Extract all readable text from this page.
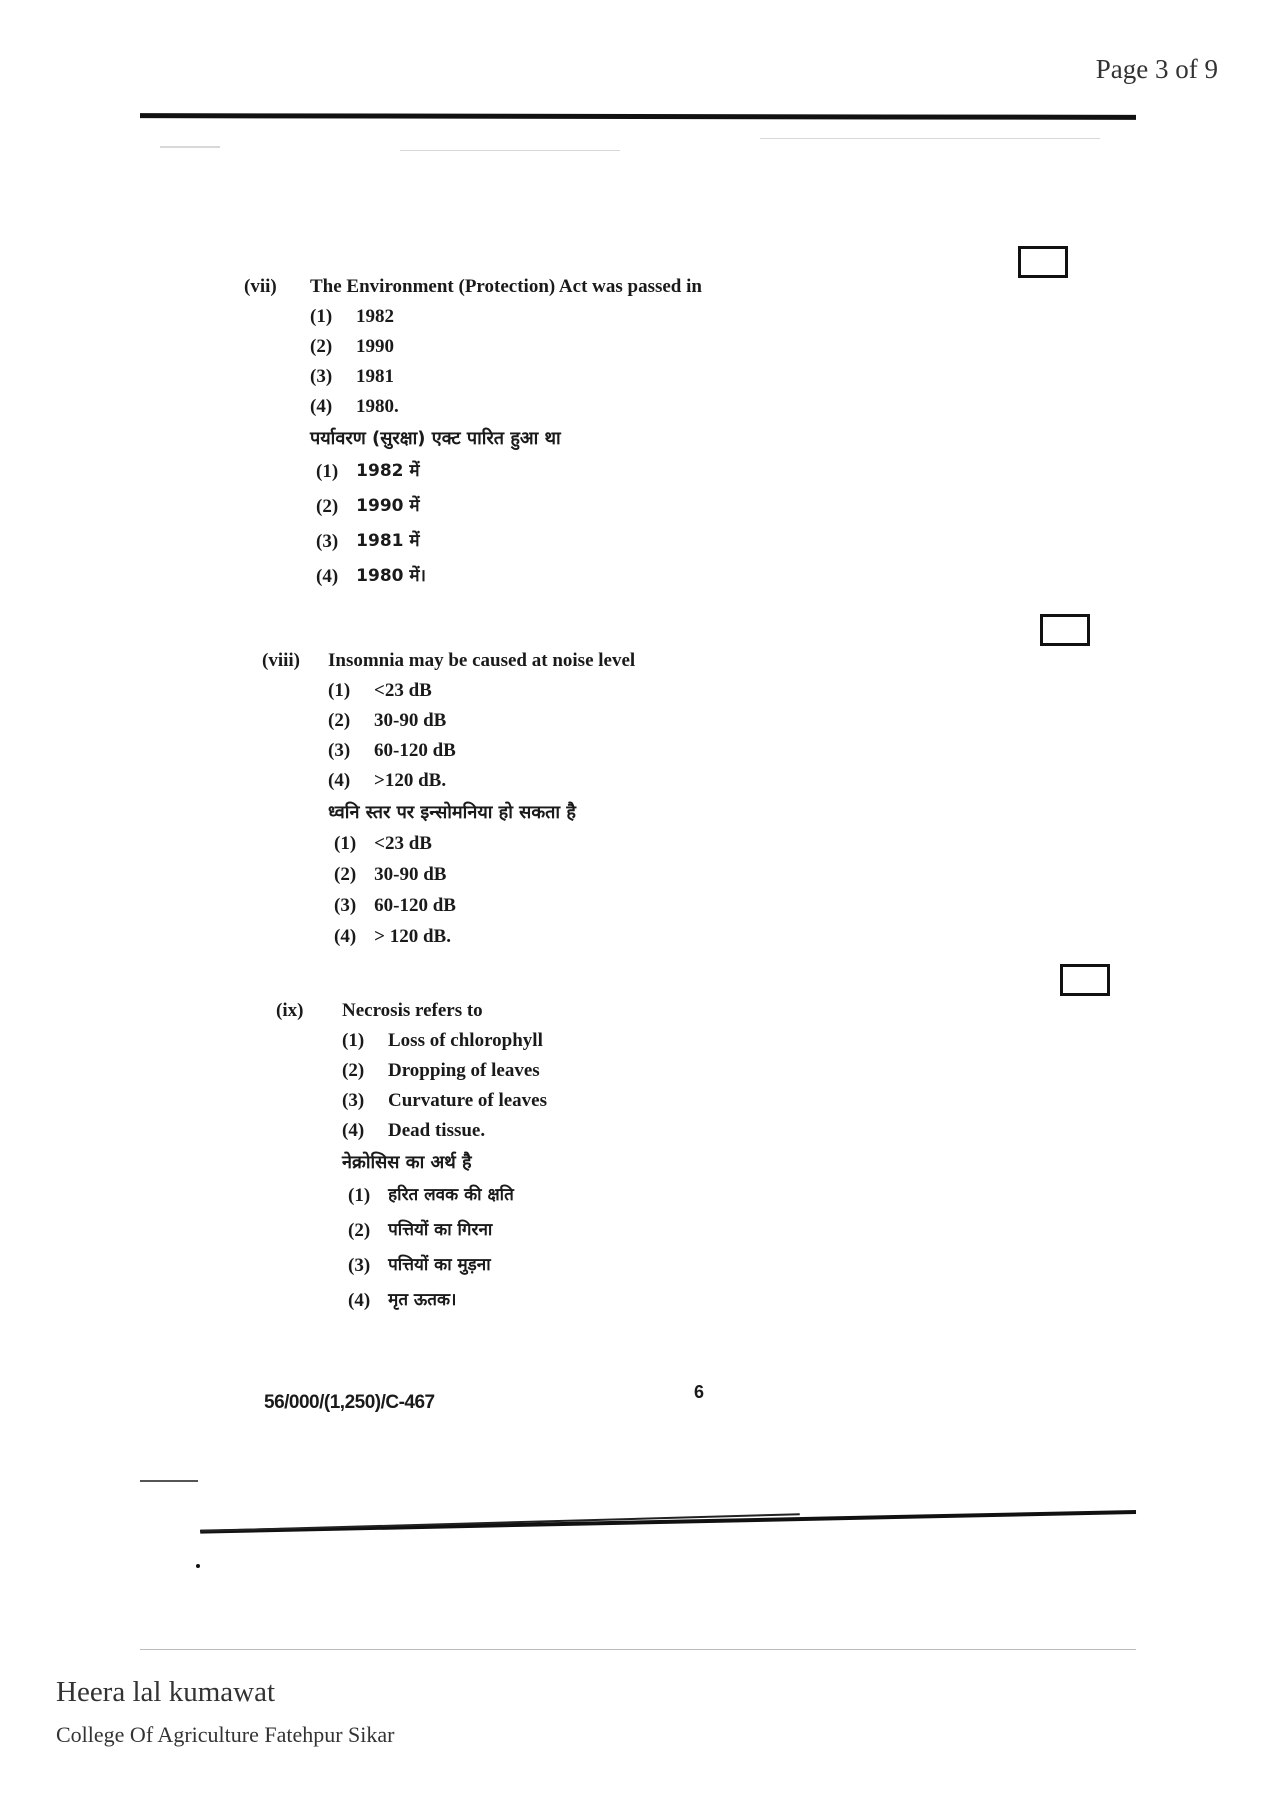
Page 3 of 9
(vii)	The Environment (Protection) Act was passed in
(1)	1982
(2)	1990
(3)	1981
(4)	1980.
पर्यावरण (सुरक्षा) एक्ट पारित हुआ था
(1) 1982 में
(2) 1990 में
(3) 1981 में
(4) 1980 में।
(viii)	Insomnia may be caused at noise level
(1)	<23 dB
(2)	30-90 dB
(3)	60-120 dB
(4)	>120 dB.
ध्वनि स्तर पर इन्सोमनिया हो सकता है
(1) <23 dB
(2) 30-90 dB
(3) 60-120 dB
(4) > 120 dB.
(ix)	Necrosis refers to
(1)	Loss of chlorophyll
(2)	Dropping of leaves
(3)	Curvature of leaves
(4)	Dead tissue.
नेक्रोसिस का अर्थ है
(1) हरित लवक की क्षति
(2) पत्तियों का गिरना
(3) पत्तियों का मुड़ना
(4) मृत ऊतक।
56/000/(1,250)/C-467	6
Heera lal kumawat
College Of Agriculture Fatehpur Sikar
